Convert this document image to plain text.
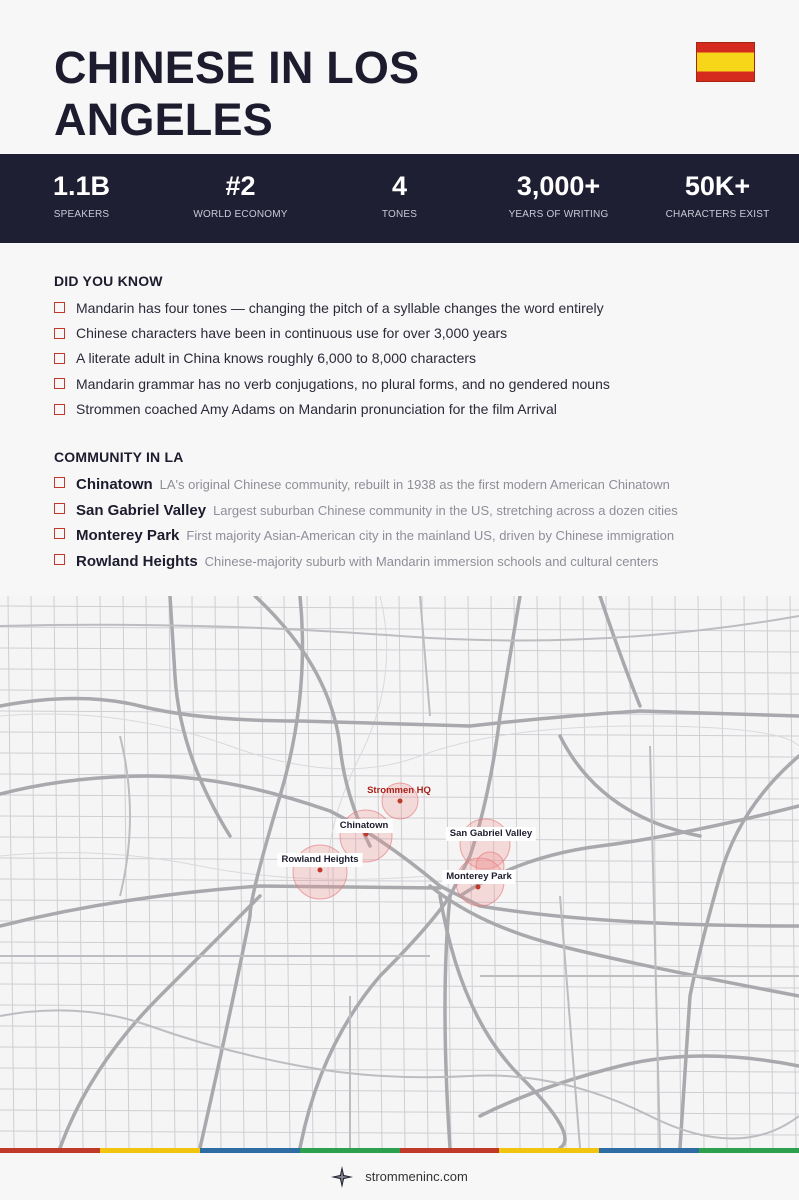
CHINESE IN LOS ANGELES
1.1B
SPEAKERS
#2
WORLD ECONOMY
4
TONES
3,000+
YEARS OF WRITING
50K+
CHARACTERS EXIST
DID YOU KNOW
Mandarin has four tones — changing the pitch of a syllable changes the word entirely
Chinese characters have been in continuous use for over 3,000 years
A literate adult in China knows roughly 6,000 to 8,000 characters
Mandarin grammar has no verb conjugations, no plural forms, and no gendered nouns
Strommen coached Amy Adams on Mandarin pronunciation for the film Arrival
COMMUNITY IN LA
Chinatown LA's original Chinese community, rebuilt in 1938 as the first modern American Chinatown
San Gabriel Valley Largest suburban Chinese community in the US, stretching across a dozen cities
Monterey Park First majority Asian-American city in the mainland US, driven by Chinese immigration
Rowland Heights Chinese-majority suburb with Mandarin immersion schools and cultural centers
Strommen HQ
Chinatown
Rowland Heights
San Gabriel Valley
Monterey Park
strommeninc.com
